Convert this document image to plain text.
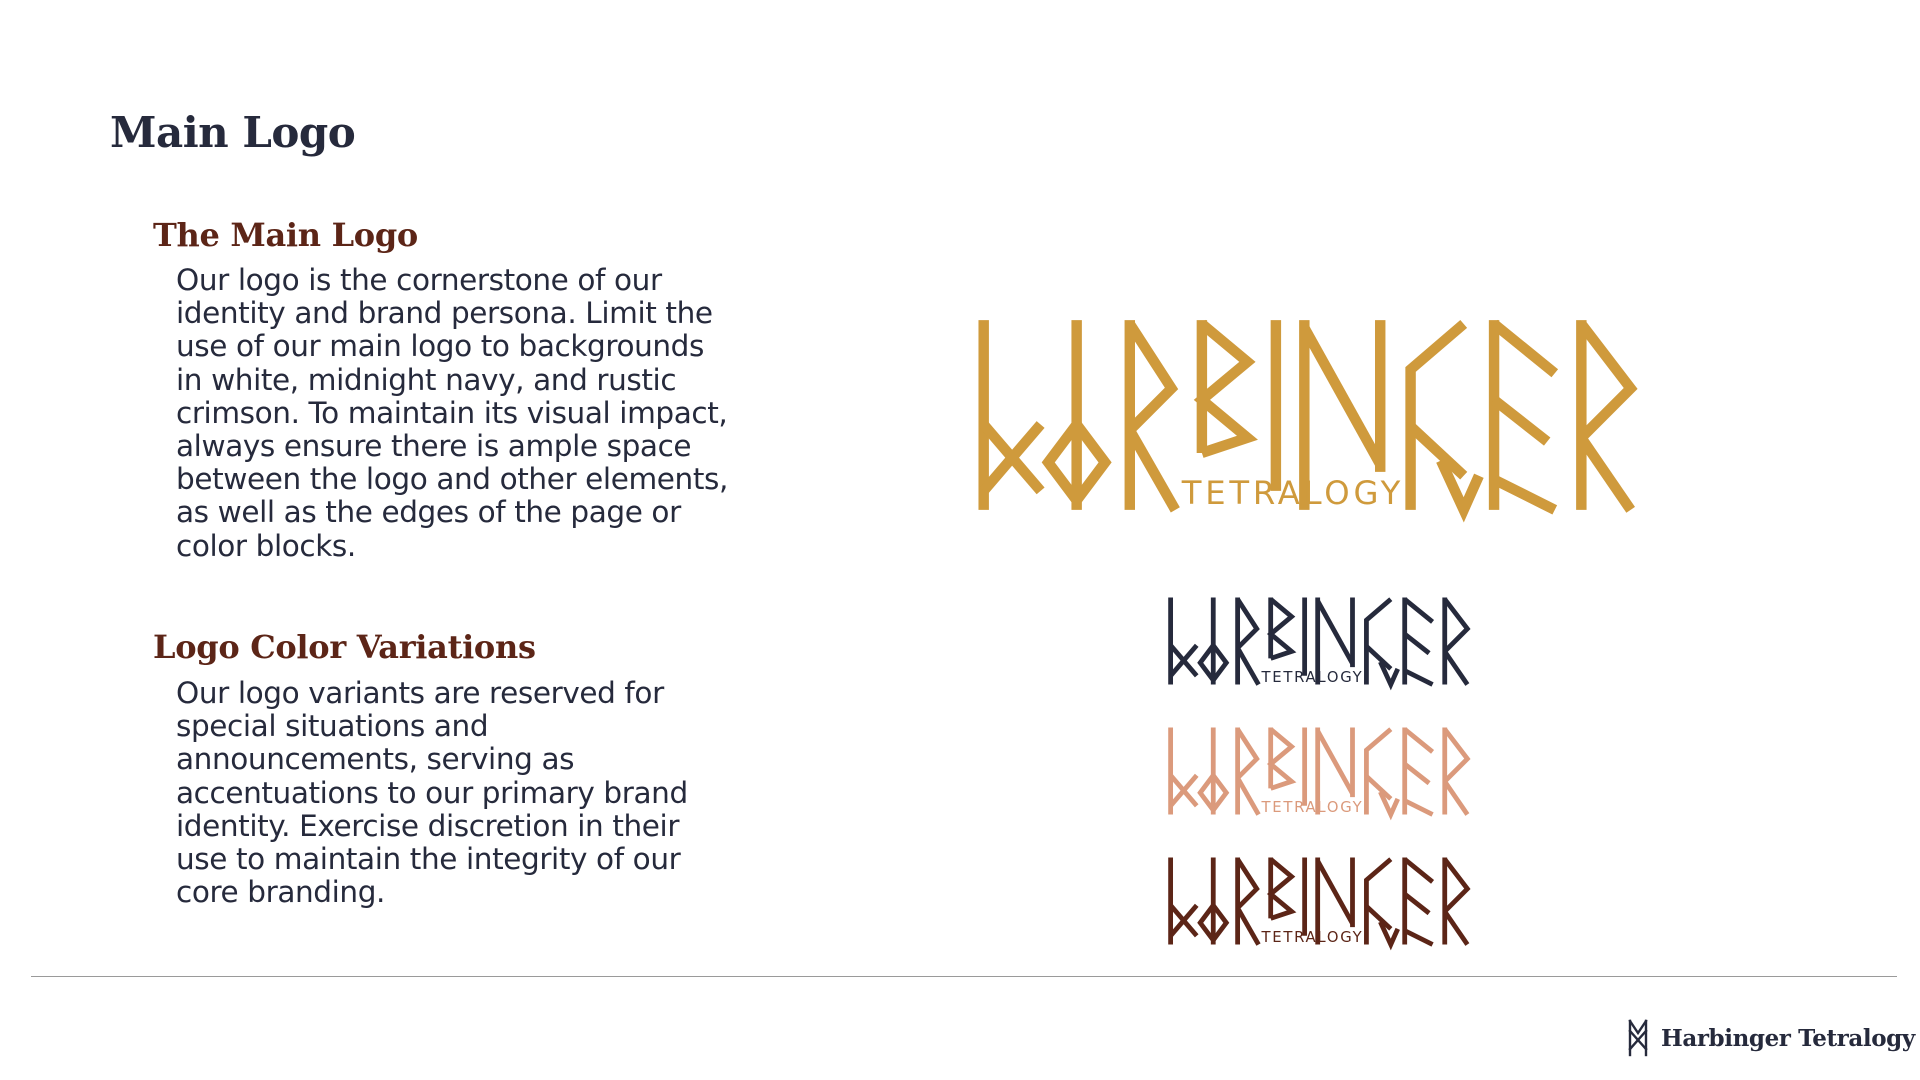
Main Logo
The Main Logo

Our logo is the cornerstone of our identity and brand persona. Limit the use of our main logo to backgrounds in white, midnight navy, and rustic crimson. To maintain its visual impact, always ensure there is ample space between the logo and other elements, as well as the edges of the page or color blocks.

Logo Color Variations

Our logo variants are reserved for special situations and announcements, serving as accentuations to our primary brand identity. Exercise discretion in their use to maintain the integrity of our core branding.

TETRALOGY
TETRALOGY
TETRALOGY
TETRALOGY
Harbinger Tetralogy
